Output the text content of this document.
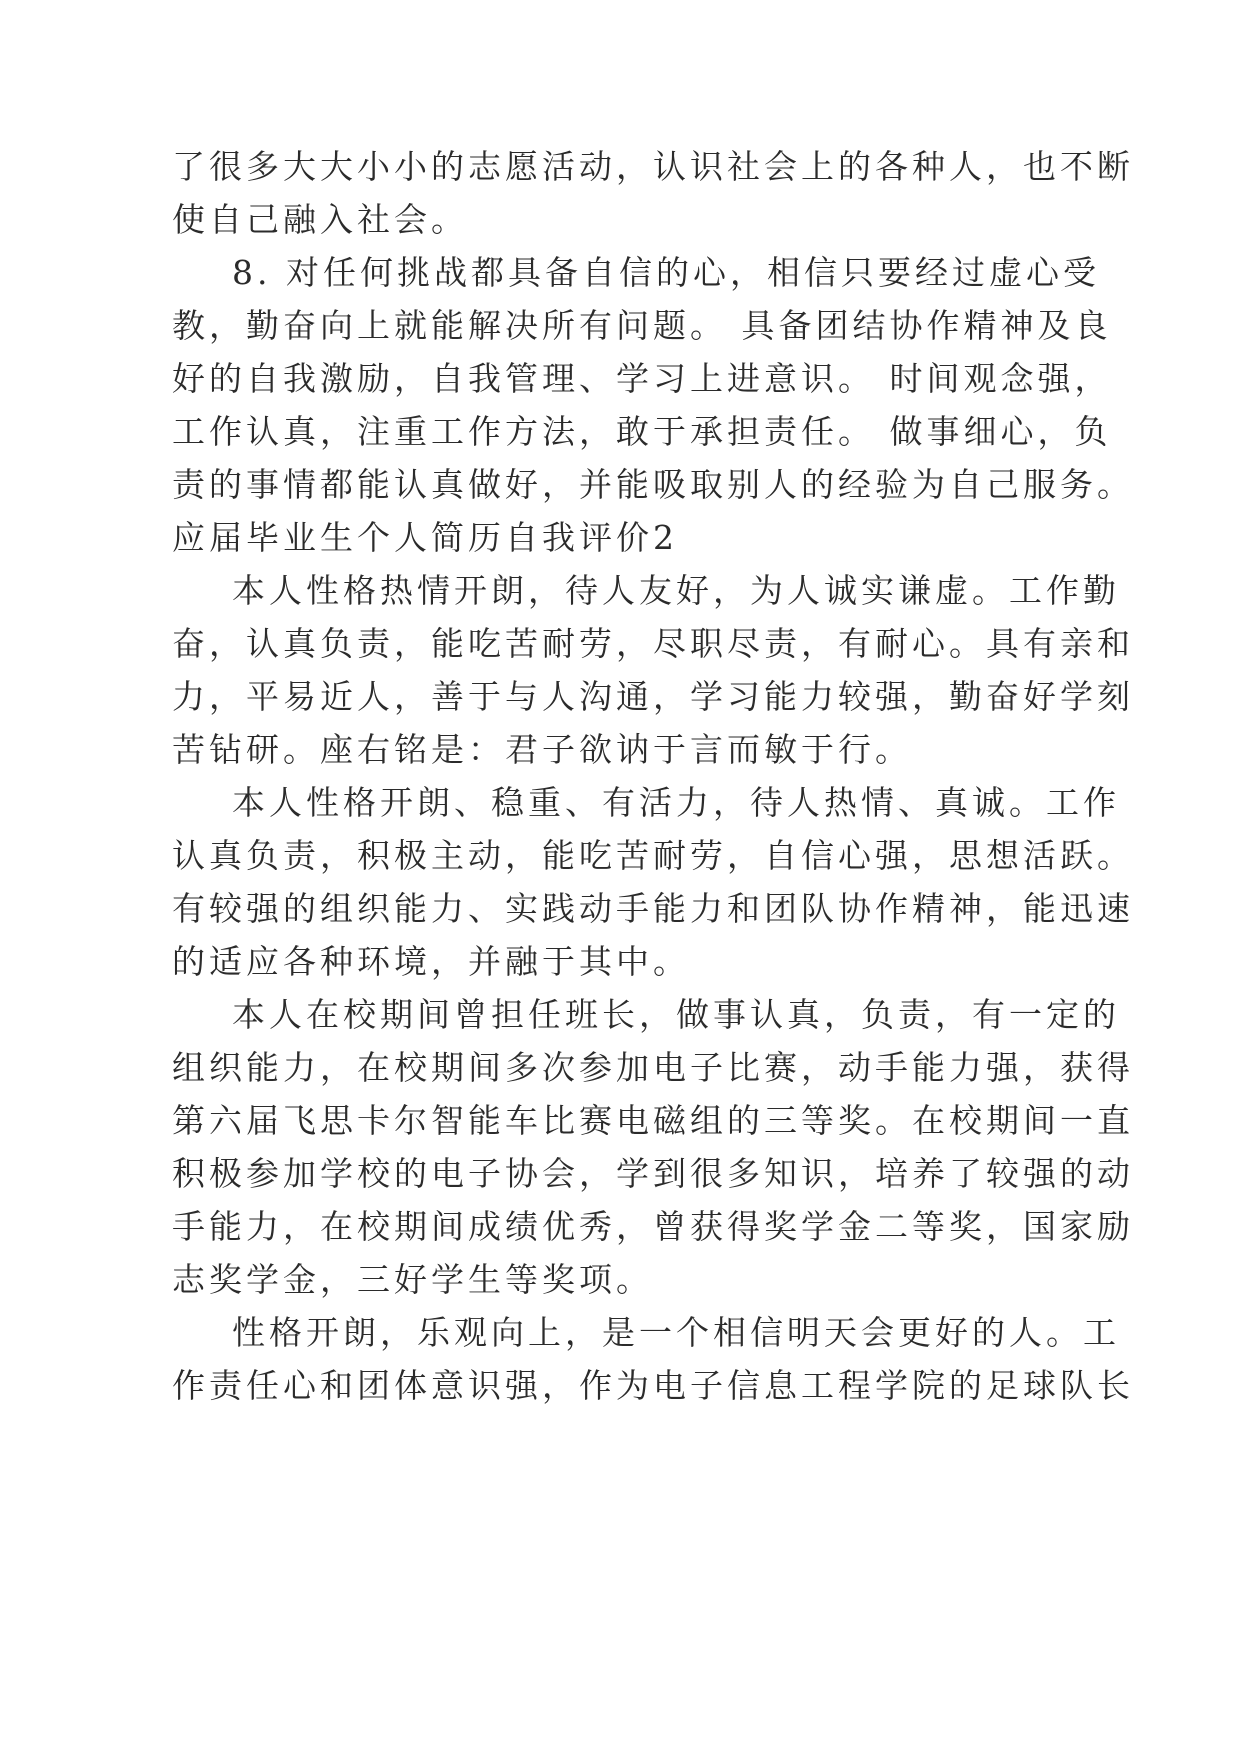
了很多大大小小的志愿活动，认识社会上的各种人，也不断
使自己融入社会。
8. 对任何挑战都具备自信的心，相信只要经过虚心受
教，勤奋向上就能解决所有问题。 具备团结协作精神及良
好的自我激励，自我管理、学习上进意识。 时间观念强，
工作认真，注重工作方法，敢于承担责任。 做事细心，负
责的事情都能认真做好，并能吸取别人的经验为自己服务。
应届毕业生个人简历自我评价2
本人性格热情开朗，待人友好，为人诚实谦虚。工作勤
奋，认真负责，能吃苦耐劳，尽职尽责，有耐心。具有亲和
力，平易近人，善于与人沟通，学习能力较强，勤奋好学刻
苦钻研。座右铭是：君子欲讷于言而敏于行。
本人性格开朗、稳重、有活力，待人热情、真诚。工作
认真负责，积极主动，能吃苦耐劳，自信心强，思想活跃。
有较强的组织能力、实践动手能力和团队协作精神，能迅速
的适应各种环境，并融于其中。
本人在校期间曾担任班长，做事认真，负责，有一定的
组织能力，在校期间多次参加电子比赛，动手能力强，获得
第六届飞思卡尔智能车比赛电磁组的三等奖。在校期间一直
积极参加学校的电子协会，学到很多知识，培养了较强的动
手能力，在校期间成绩优秀，曾获得奖学金二等奖，国家励
志奖学金，三好学生等奖项。
性格开朗，乐观向上，是一个相信明天会更好的人。工
作责任心和团体意识强，作为电子信息工程学院的足球队长
